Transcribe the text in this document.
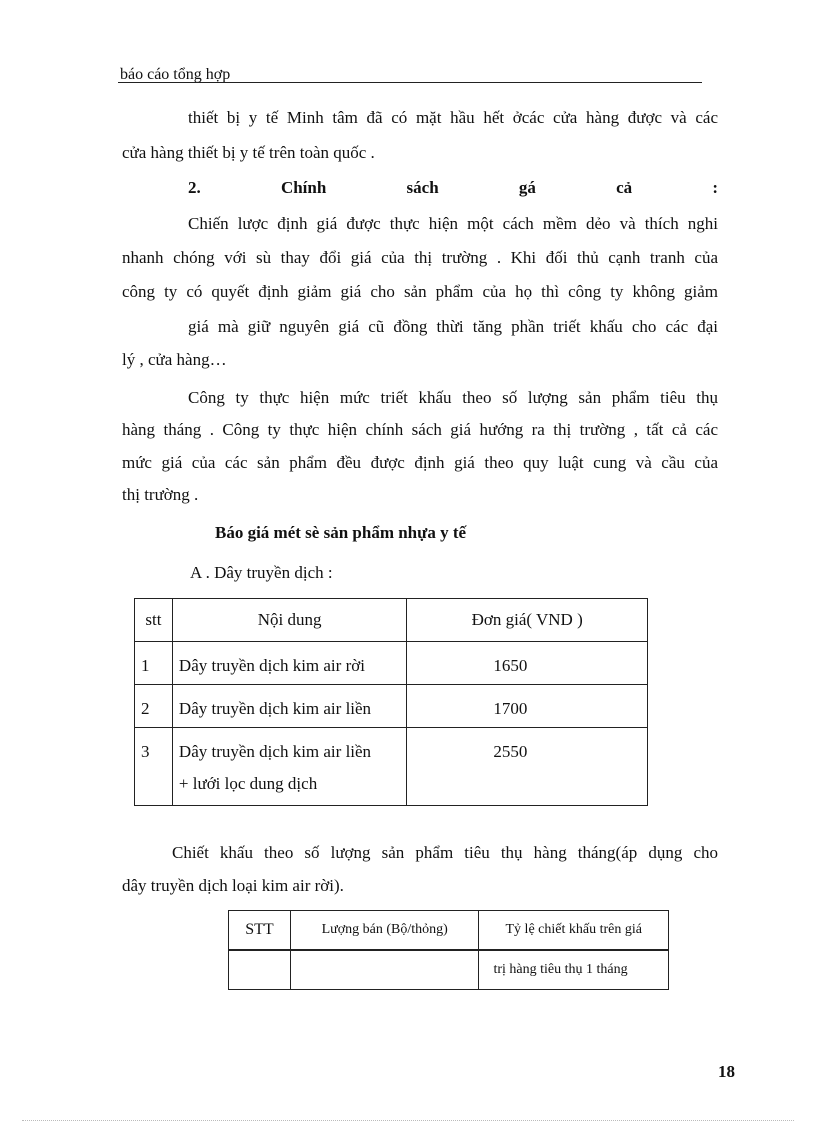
báo cáo tổng hợp
thiết bị y tế Minh tâm đã có mặt hầu hết ởcác cửa hàng được và các
cửa hàng thiết bị y tế trên toàn quốc .
2.	Chính	sách	gá	cả	:
Chiến lược định giá được thực hiện một cách mềm dẻo và thích nghi
nhanh chóng với sù thay đổi giá của thị trường . Khi đối thủ cạnh tranh của
công ty có quyết định giảm giá cho sản phẩm của họ thì công ty không giảm
giá mà giữ nguyên giá cũ đồng thừi tăng phần triết khấu cho các đại
lý , cửa hàng…
Công ty thực hiện mức triết khấu theo số lượng sản phẩm tiêu thụ
hàng tháng . Công ty thực hiện chính sách giá hướng ra thị trường , tất cả các
mức giá của các sản phẩm đều được định giá theo quy luật cung và cầu của
thị trường .
Báo giá mét sè sản phẩm nhựa y tế
A . Dây truyền dịch :
stt	Nội dung	Đơn giá( VND )
1	Dây truyền dịch kim air rời	1650
2	Dây truyền dịch kim air liền	1700
3	Dây truyền dịch kim air liền
+ lưới lọc dung dịch	2550
Chiết khấu theo số lượng sản phẩm tiêu thụ hàng tháng(áp dụng cho
dây truyền dịch loại kim air rời).
STT	Lượng bán (Bộ/thỏng)	Tỷ lệ chiết khấu trên giá
		trị hàng tiêu thụ 1 tháng
18
